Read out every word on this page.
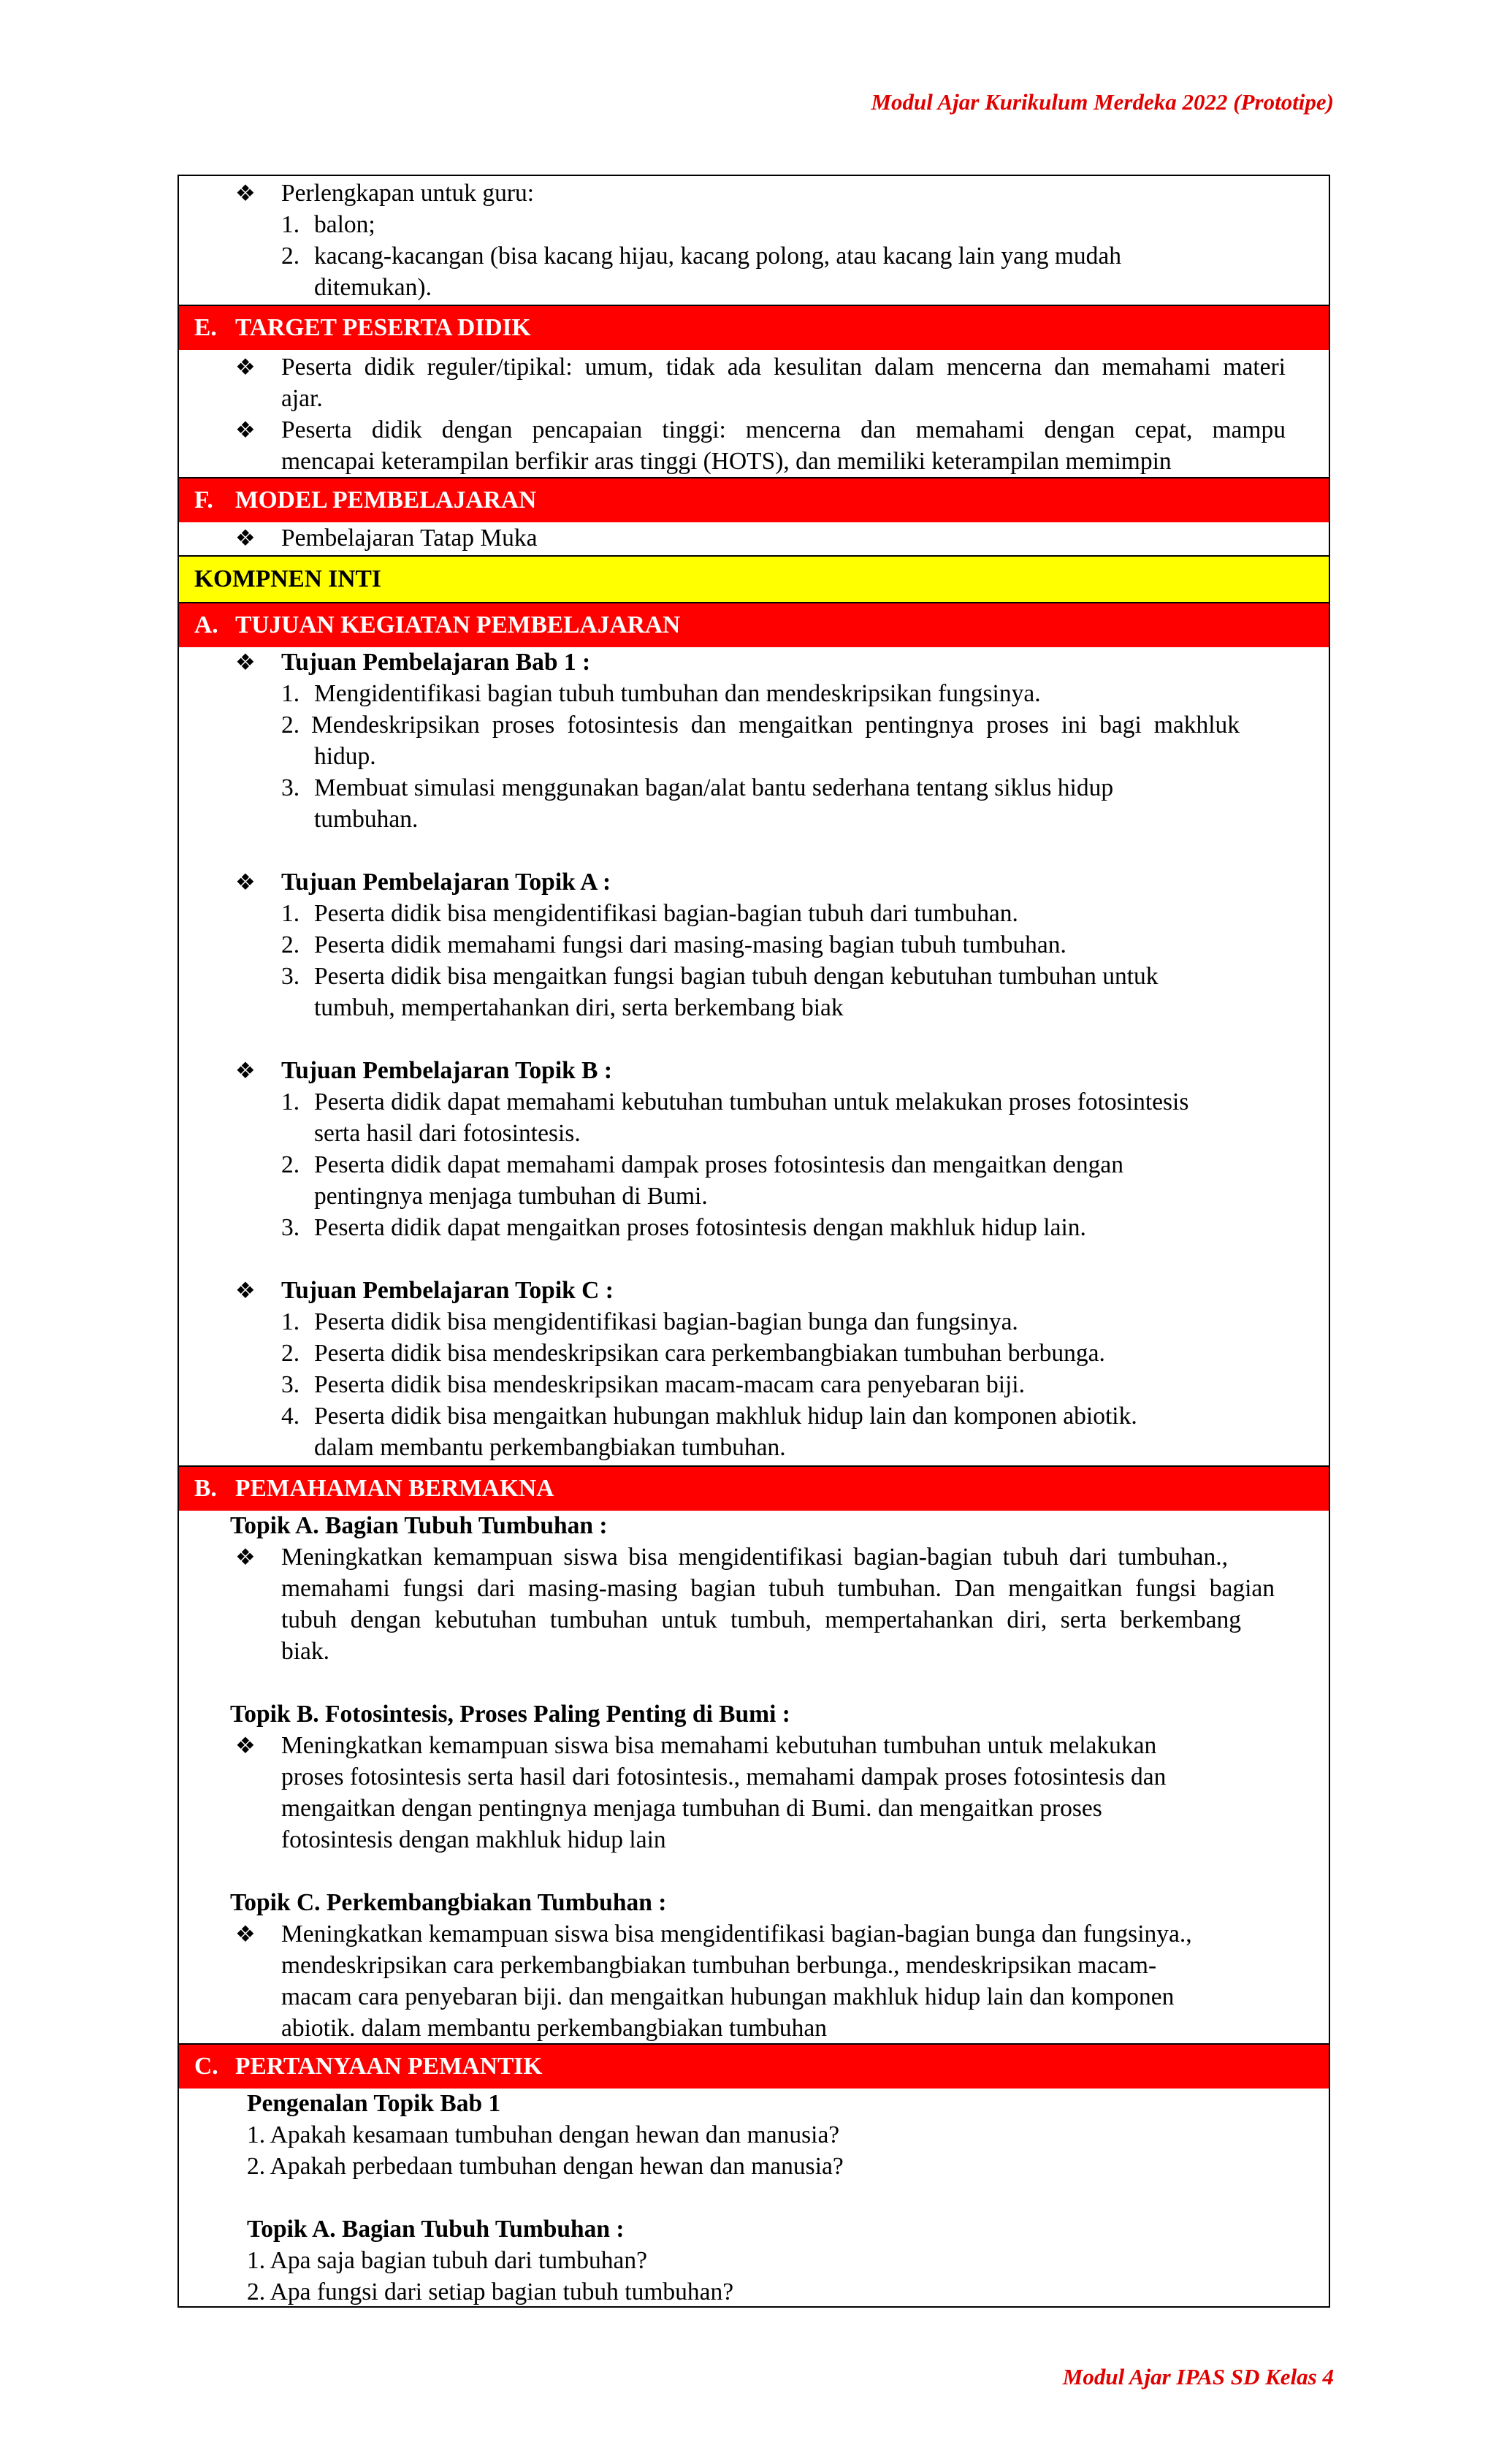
Modul Ajar Kurikulum Merdeka 2022 (Prototipe)
❖ Perlengkapan untuk guru:
1. balon;
2. kacang-kacangan (bisa kacang hijau, kacang polong, atau kacang lain yang mudah
ditemukan).
E. TARGET PESERTA DIDIK
❖ Peserta didik reguler/tipikal: umum, tidak ada kesulitan dalam mencerna dan memahami materi
ajar.
❖ Peserta didik dengan pencapaian tinggi: mencerna dan memahami dengan cepat, mampu
mencapai keterampilan berfikir aras tinggi (HOTS), dan memiliki keterampilan memimpin
F. MODEL PEMBELAJARAN
❖ Pembelajaran Tatap Muka
KOMPNEN INTI
A. TUJUAN KEGIATAN PEMBELAJARAN
❖ Tujuan Pembelajaran Bab 1 :
1. Mengidentifikasi bagian tubuh tumbuhan dan mendeskripsikan fungsinya.
2. Mendeskripsikan proses fotosintesis dan mengaitkan pentingnya proses ini bagi makhluk
hidup.
3. Membuat simulasi menggunakan bagan/alat bantu sederhana tentang siklus hidup
tumbuhan.
❖ Tujuan Pembelajaran Topik A :
1. Peserta didik bisa mengidentifikasi bagian-bagian tubuh dari tumbuhan.
2. Peserta didik memahami fungsi dari masing-masing bagian tubuh tumbuhan.
3. Peserta didik bisa mengaitkan fungsi bagian tubuh dengan kebutuhan tumbuhan untuk
tumbuh, mempertahankan diri, serta berkembang biak
❖ Tujuan Pembelajaran Topik B :
1. Peserta didik dapat memahami kebutuhan tumbuhan untuk melakukan proses fotosintesis
serta hasil dari fotosintesis.
2. Peserta didik dapat memahami dampak proses fotosintesis dan mengaitkan dengan
pentingnya menjaga tumbuhan di Bumi.
3. Peserta didik dapat mengaitkan proses fotosintesis dengan makhluk hidup lain.
❖ Tujuan Pembelajaran Topik C :
1. Peserta didik bisa mengidentifikasi bagian-bagian bunga dan fungsinya.
2. Peserta didik bisa mendeskripsikan cara perkembangbiakan tumbuhan berbunga.
3. Peserta didik bisa mendeskripsikan macam-macam cara penyebaran biji.
4. Peserta didik bisa mengaitkan hubungan makhluk hidup lain dan komponen abiotik.
dalam membantu perkembangbiakan tumbuhan.
B. PEMAHAMAN BERMAKNA
Topik A. Bagian Tubuh Tumbuhan :
❖ Meningkatkan kemampuan siswa bisa mengidentifikasi bagian-bagian tubuh dari tumbuhan.,
memahami fungsi dari masing-masing bagian tubuh tumbuhan. Dan mengaitkan fungsi bagian
tubuh dengan kebutuhan tumbuhan untuk tumbuh, mempertahankan diri, serta berkembang
biak.
Topik B. Fotosintesis, Proses Paling Penting di Bumi :
❖ Meningkatkan kemampuan siswa bisa memahami kebutuhan tumbuhan untuk melakukan
proses fotosintesis serta hasil dari fotosintesis., memahami dampak proses fotosintesis dan
mengaitkan dengan pentingnya menjaga tumbuhan di Bumi. dan mengaitkan proses
fotosintesis dengan makhluk hidup lain
Topik C. Perkembangbiakan Tumbuhan :
❖ Meningkatkan kemampuan siswa bisa mengidentifikasi bagian-bagian bunga dan fungsinya.,
mendeskripsikan cara perkembangbiakan tumbuhan berbunga., mendeskripsikan macam-
macam cara penyebaran biji. dan mengaitkan hubungan makhluk hidup lain dan komponen
abiotik. dalam membantu perkembangbiakan tumbuhan
C. PERTANYAAN PEMANTIK
Pengenalan Topik Bab 1
1. Apakah kesamaan tumbuhan dengan hewan dan manusia?
2. Apakah perbedaan tumbuhan dengan hewan dan manusia?
Topik A. Bagian Tubuh Tumbuhan :
1. Apa saja bagian tubuh dari tumbuhan?
2. Apa fungsi dari setiap bagian tubuh tumbuhan?
Modul Ajar IPAS SD Kelas 4
